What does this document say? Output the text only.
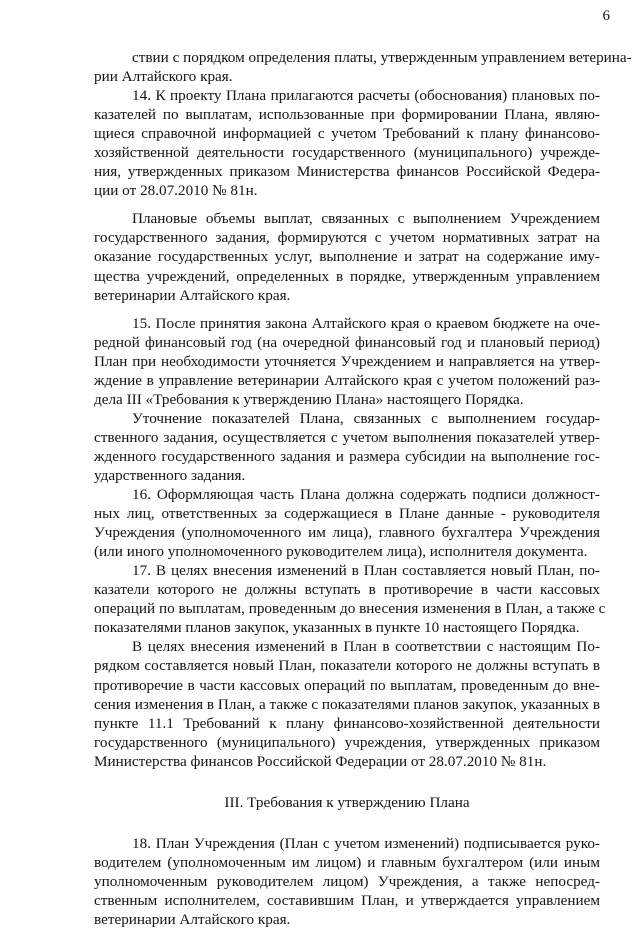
6
ствии с порядком определения платы, утвержденным управлением ветерина-
рии Алтайского края.
14. К проекту Плана прилагаются расчеты (обоснования) плановых по-
казателей по выплатам, использованные при формировании Плана, являю-
щиеся справочной информацией с учетом Требований к плану финансово-
хозяйственной деятельности государственного (муниципального) учрежде-
ния, утвержденных приказом Министерства финансов Российской Федера-
ции от 28.07.2010 № 81н.
Плановые объемы выплат, связанных с выполнением Учреждением
государственного задания, формируются с учетом нормативных затрат на
оказание государственных услуг, выполнение и затрат на содержание иму-
щества учреждений, определенных в порядке, утвержденным управлением
ветеринарии Алтайского края.
15. После принятия закона Алтайского края о краевом бюджете на оче-
редной финансовый год (на очередной финансовый год и плановый период)
План при необходимости уточняется Учреждением и направляется на утвер-
ждение в управление ветеринарии Алтайского края с учетом положений раз-
дела III «Требования к утверждению Плана» настоящего Порядка.
Уточнение показателей Плана, связанных с выполнением государ-
ственного задания, осуществляется с учетом выполнения показателей утвер-
жденного государственного задания и размера субсидии на выполнение гос-
ударственного задания.
16. Оформляющая часть Плана должна содержать подписи должност-
ных лиц, ответственных за содержащиеся в Плане данные - руководителя
Учреждения (уполномоченного им лица), главного бухгалтера Учреждения
(или иного уполномоченного руководителем лица), исполнителя документа.
17. В целях внесения изменений в План составляется новый План, по-
казатели которого не должны вступать в противоречие в части кассовых
операций по выплатам, проведенным до внесения изменения в План, а также с
показателями планов закупок, указанных в пункте 10 настоящего Порядка.
В целях внесения изменений в План в соответствии с настоящим По-
рядком составляется новый План, показатели которого не должны вступать в
противоречие в части кассовых операций по выплатам, проведенным до вне-
сения изменения в План, а также с показателями планов закупок, указанных в
пункте 11.1 Требований к плану финансово-хозяйственной деятельности
государственного (муниципального) учреждения, утвержденных приказом
Министерства финансов Российской Федерации от 28.07.2010 № 81н.
III. Требования к утверждению Плана
18. План Учреждения (План с учетом изменений) подписывается руко-
водителем (уполномоченным им лицом) и главным бухгалтером (или иным
уполномоченным руководителем лицом) Учреждения, а также непосред-
ственным исполнителем, составившим План, и утверждается управлением
ветеринарии Алтайского края.
